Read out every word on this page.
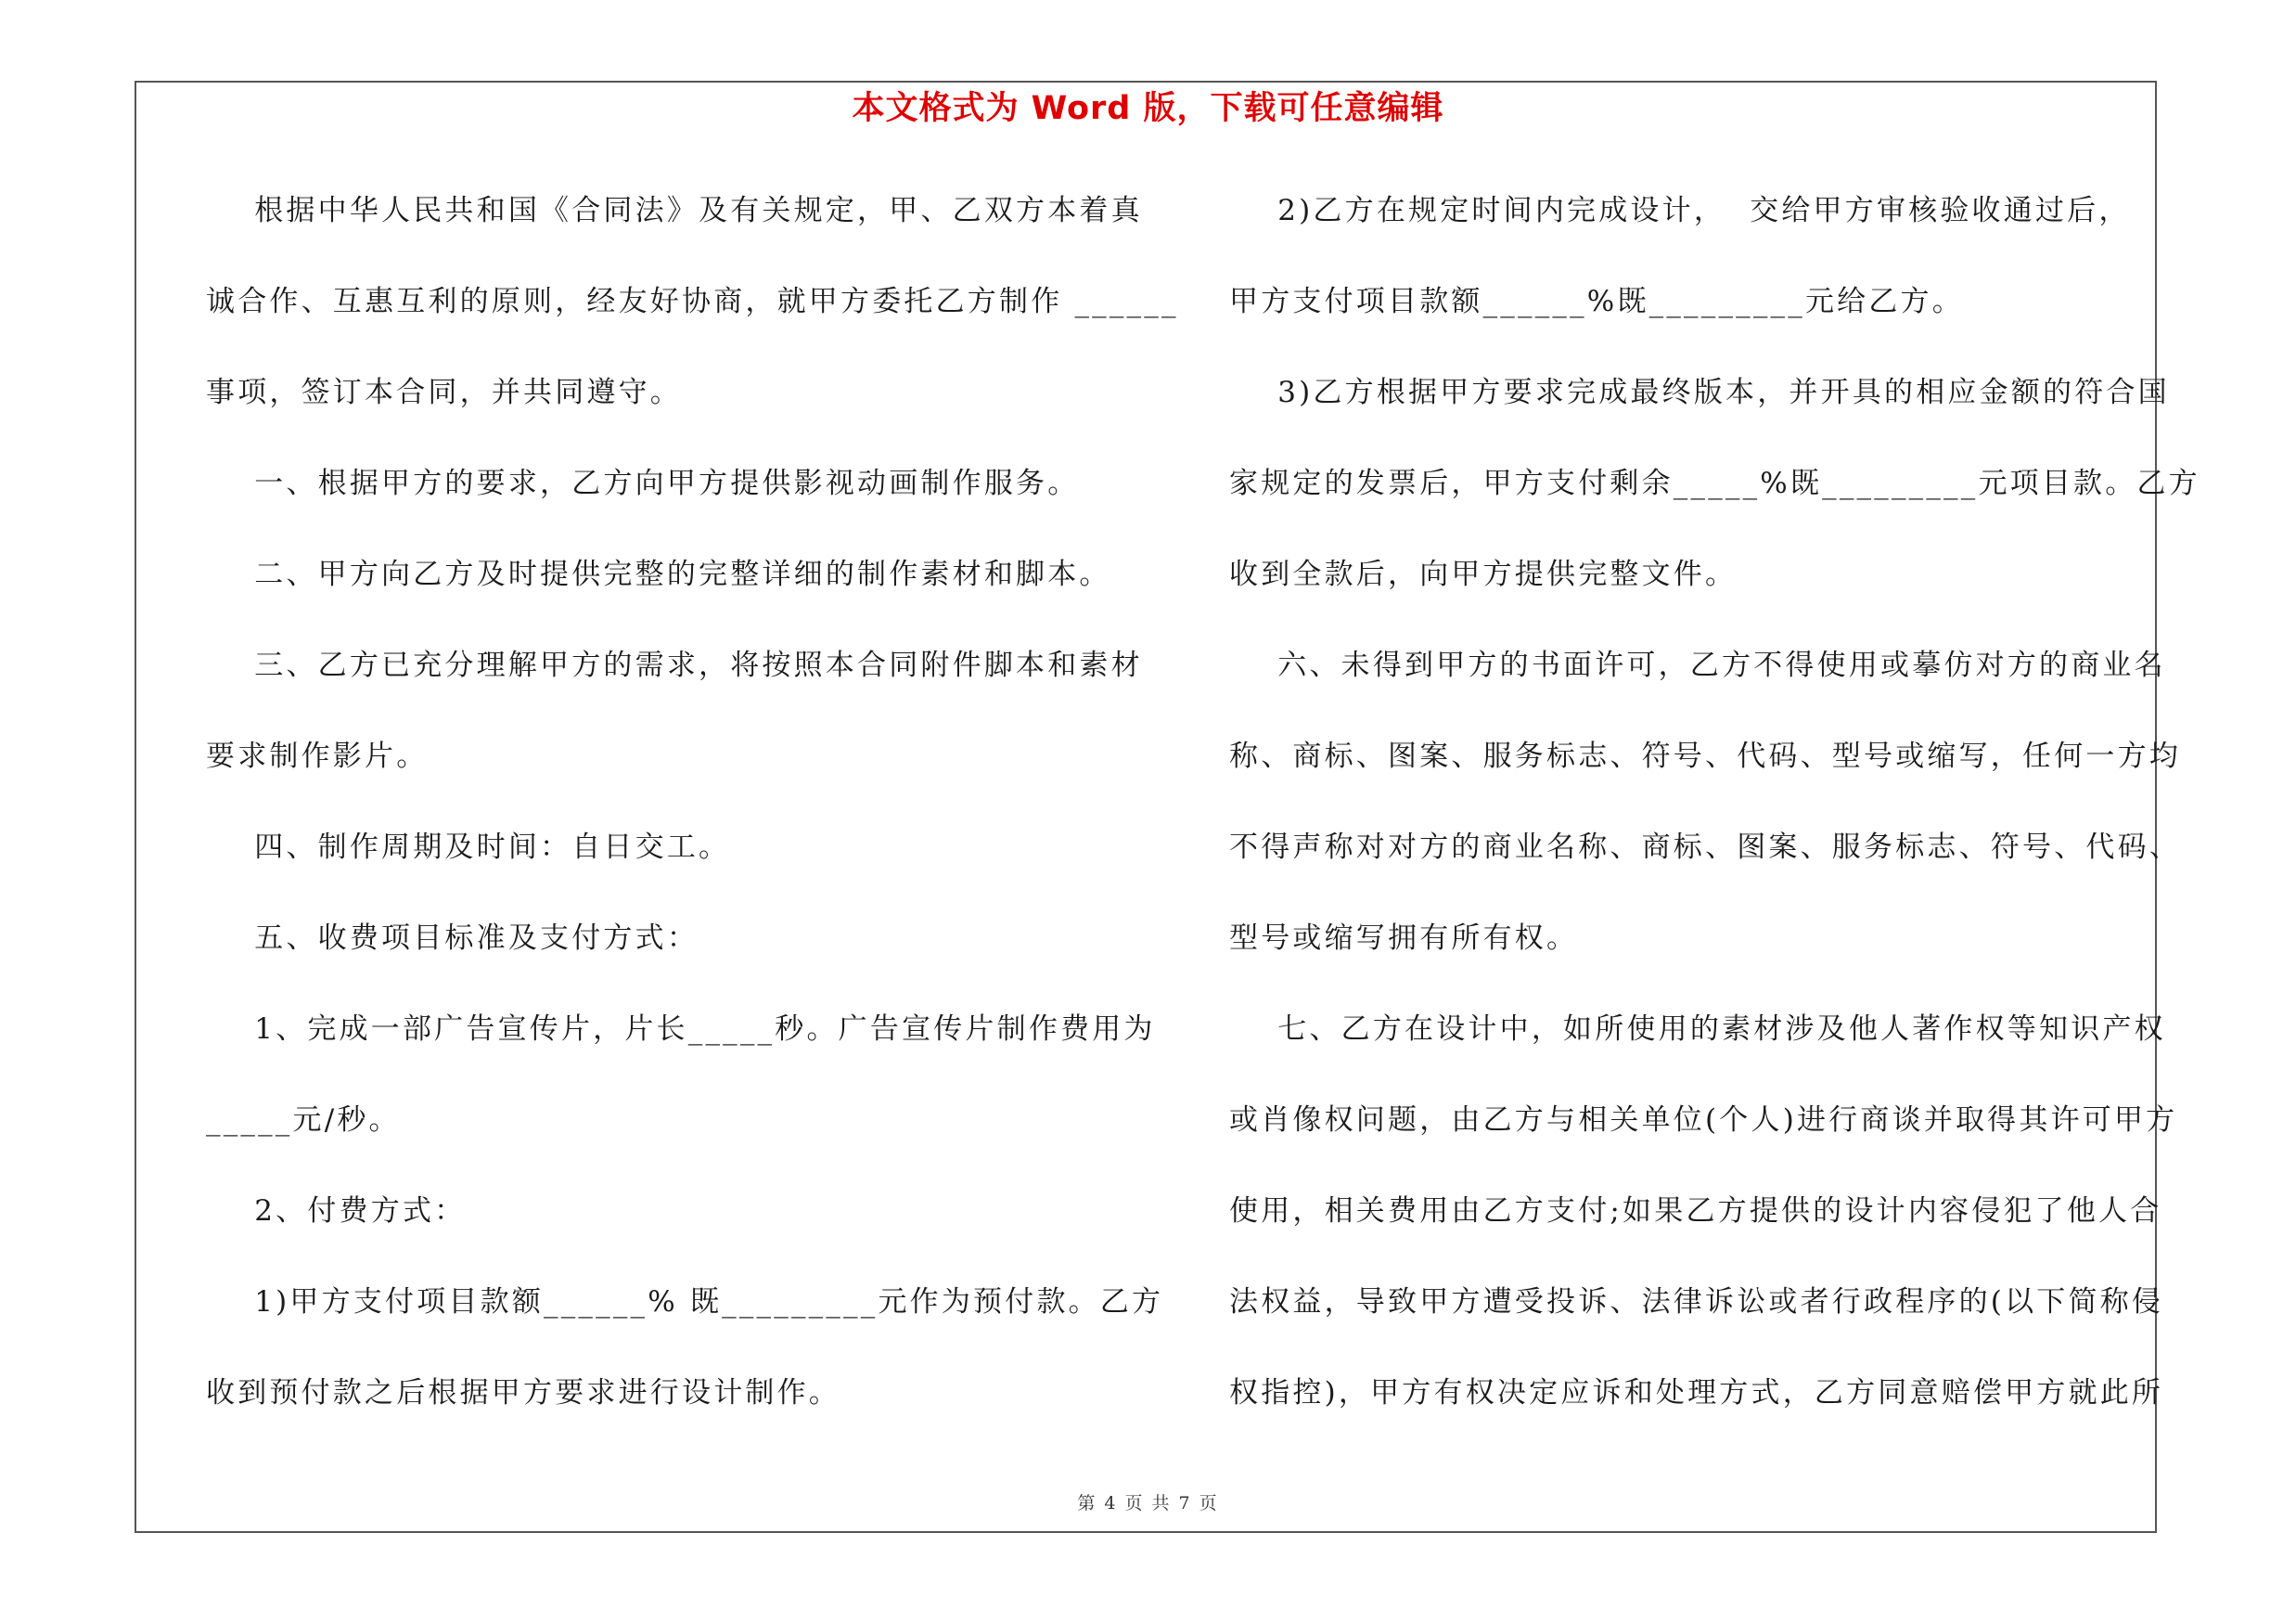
本文格式为 Word 版，下载可任意编辑
根据中华人民共和国《合同法》及有关规定，甲、乙双方本着真
诚合作、互惠互利的原则，经友好协商，就甲方委托乙方制作 ______
事项，签订本合同，并共同遵守。
一、根据甲方的要求，乙方向甲方提供影视动画制作服务。
二、甲方向乙方及时提供完整的完整详细的制作素材和脚本。
三、乙方已充分理解甲方的需求，将按照本合同附件脚本和素材
要求制作影片。
四、制作周期及时间：自日交工。
五、收费项目标准及支付方式：
1、完成一部广告宣传片，片长_____秒。广告宣传片制作费用为
_____元/秒。
2、付费方式：
1)甲方支付项目款额______% 既_________元作为预付款。乙方
收到预付款之后根据甲方要求进行设计制作。
2)乙方在规定时间内完成设计，  交给甲方审核验收通过后，
甲方支付项目款额______%既_________元给乙方。
3)乙方根据甲方要求完成最终版本，并开具的相应金额的符合国
家规定的发票后，甲方支付剩余_____%既_________元项目款。乙方
收到全款后，向甲方提供完整文件。
六、未得到甲方的书面许可，乙方不得使用或摹仿对方的商业名
称、商标、图案、服务标志、符号、代码、型号或缩写，任何一方均
不得声称对对方的商业名称、商标、图案、服务标志、符号、代码、
型号或缩写拥有所有权。
七、乙方在设计中，如所使用的素材涉及他人著作权等知识产权
或肖像权问题，由乙方与相关单位(个人)进行商谈并取得其许可甲方
使用，相关费用由乙方支付;如果乙方提供的设计内容侵犯了他人合
法权益，导致甲方遭受投诉、法律诉讼或者行政程序的(以下简称侵
权指控)，甲方有权决定应诉和处理方式，乙方同意赔偿甲方就此所
第 4 页 共 7 页
